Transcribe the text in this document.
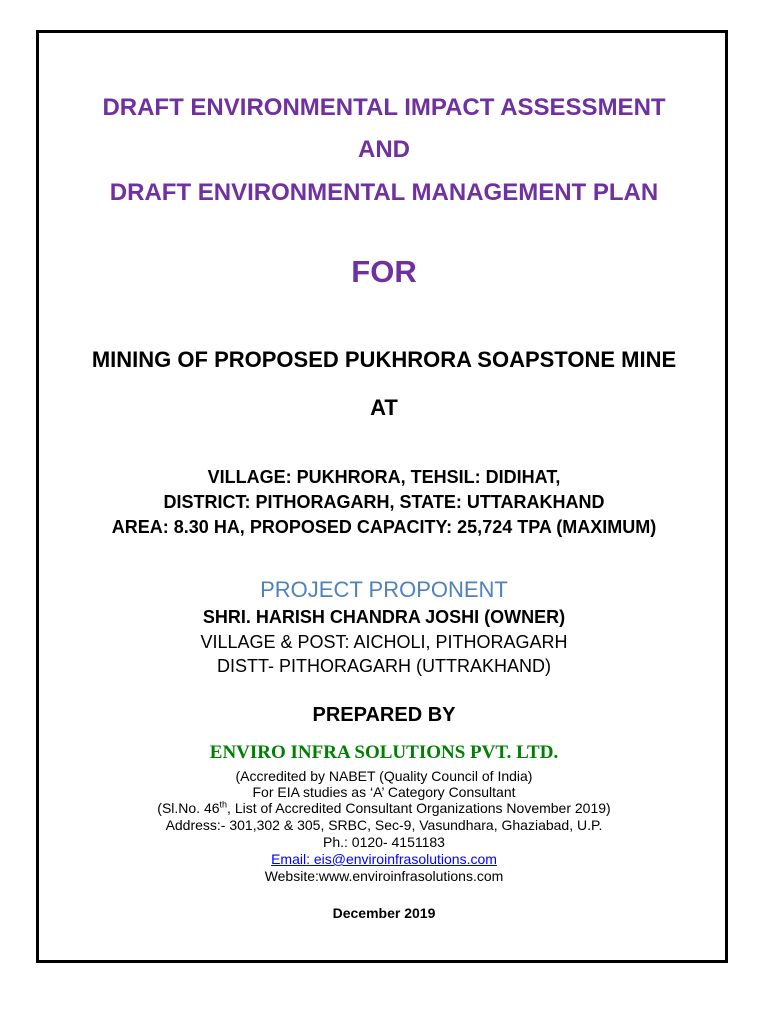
DRAFT ENVIRONMENTAL IMPACT ASSESSMENT
AND
DRAFT ENVIRONMENTAL MANAGEMENT PLAN
FOR
MINING OF PROPOSED PUKHRORA SOAPSTONE MINE
AT
VILLAGE: PUKHRORA, TEHSIL: DIDIHAT,
DISTRICT: PITHORAGARH, STATE: UTTARAKHAND
AREA: 8.30 HA, PROPOSED CAPACITY: 25,724 TPA (MAXIMUM)
PROJECT PROPONENT
SHRI. HARISH CHANDRA JOSHI (OWNER)
VILLAGE & POST: AICHOLI, PITHORAGARH
DISTT- PITHORAGARH (UTTRAKHAND)
PREPARED BY
ENVIRO INFRA SOLUTIONS PVT. LTD.
(Accredited by NABET (Quality Council of India)
For EIA studies as ‘A’ Category Consultant
(Sl.No. 46th, List of Accredited Consultant Organizations November 2019)
Address:- 301,302 & 305, SRBC, Sec-9, Vasundhara, Ghaziabad, U.P.
Ph.: 0120- 4151183
Email: eis@enviroinfrasolutions.com
Website:www.enviroinfrasolutions.com
December 2019
